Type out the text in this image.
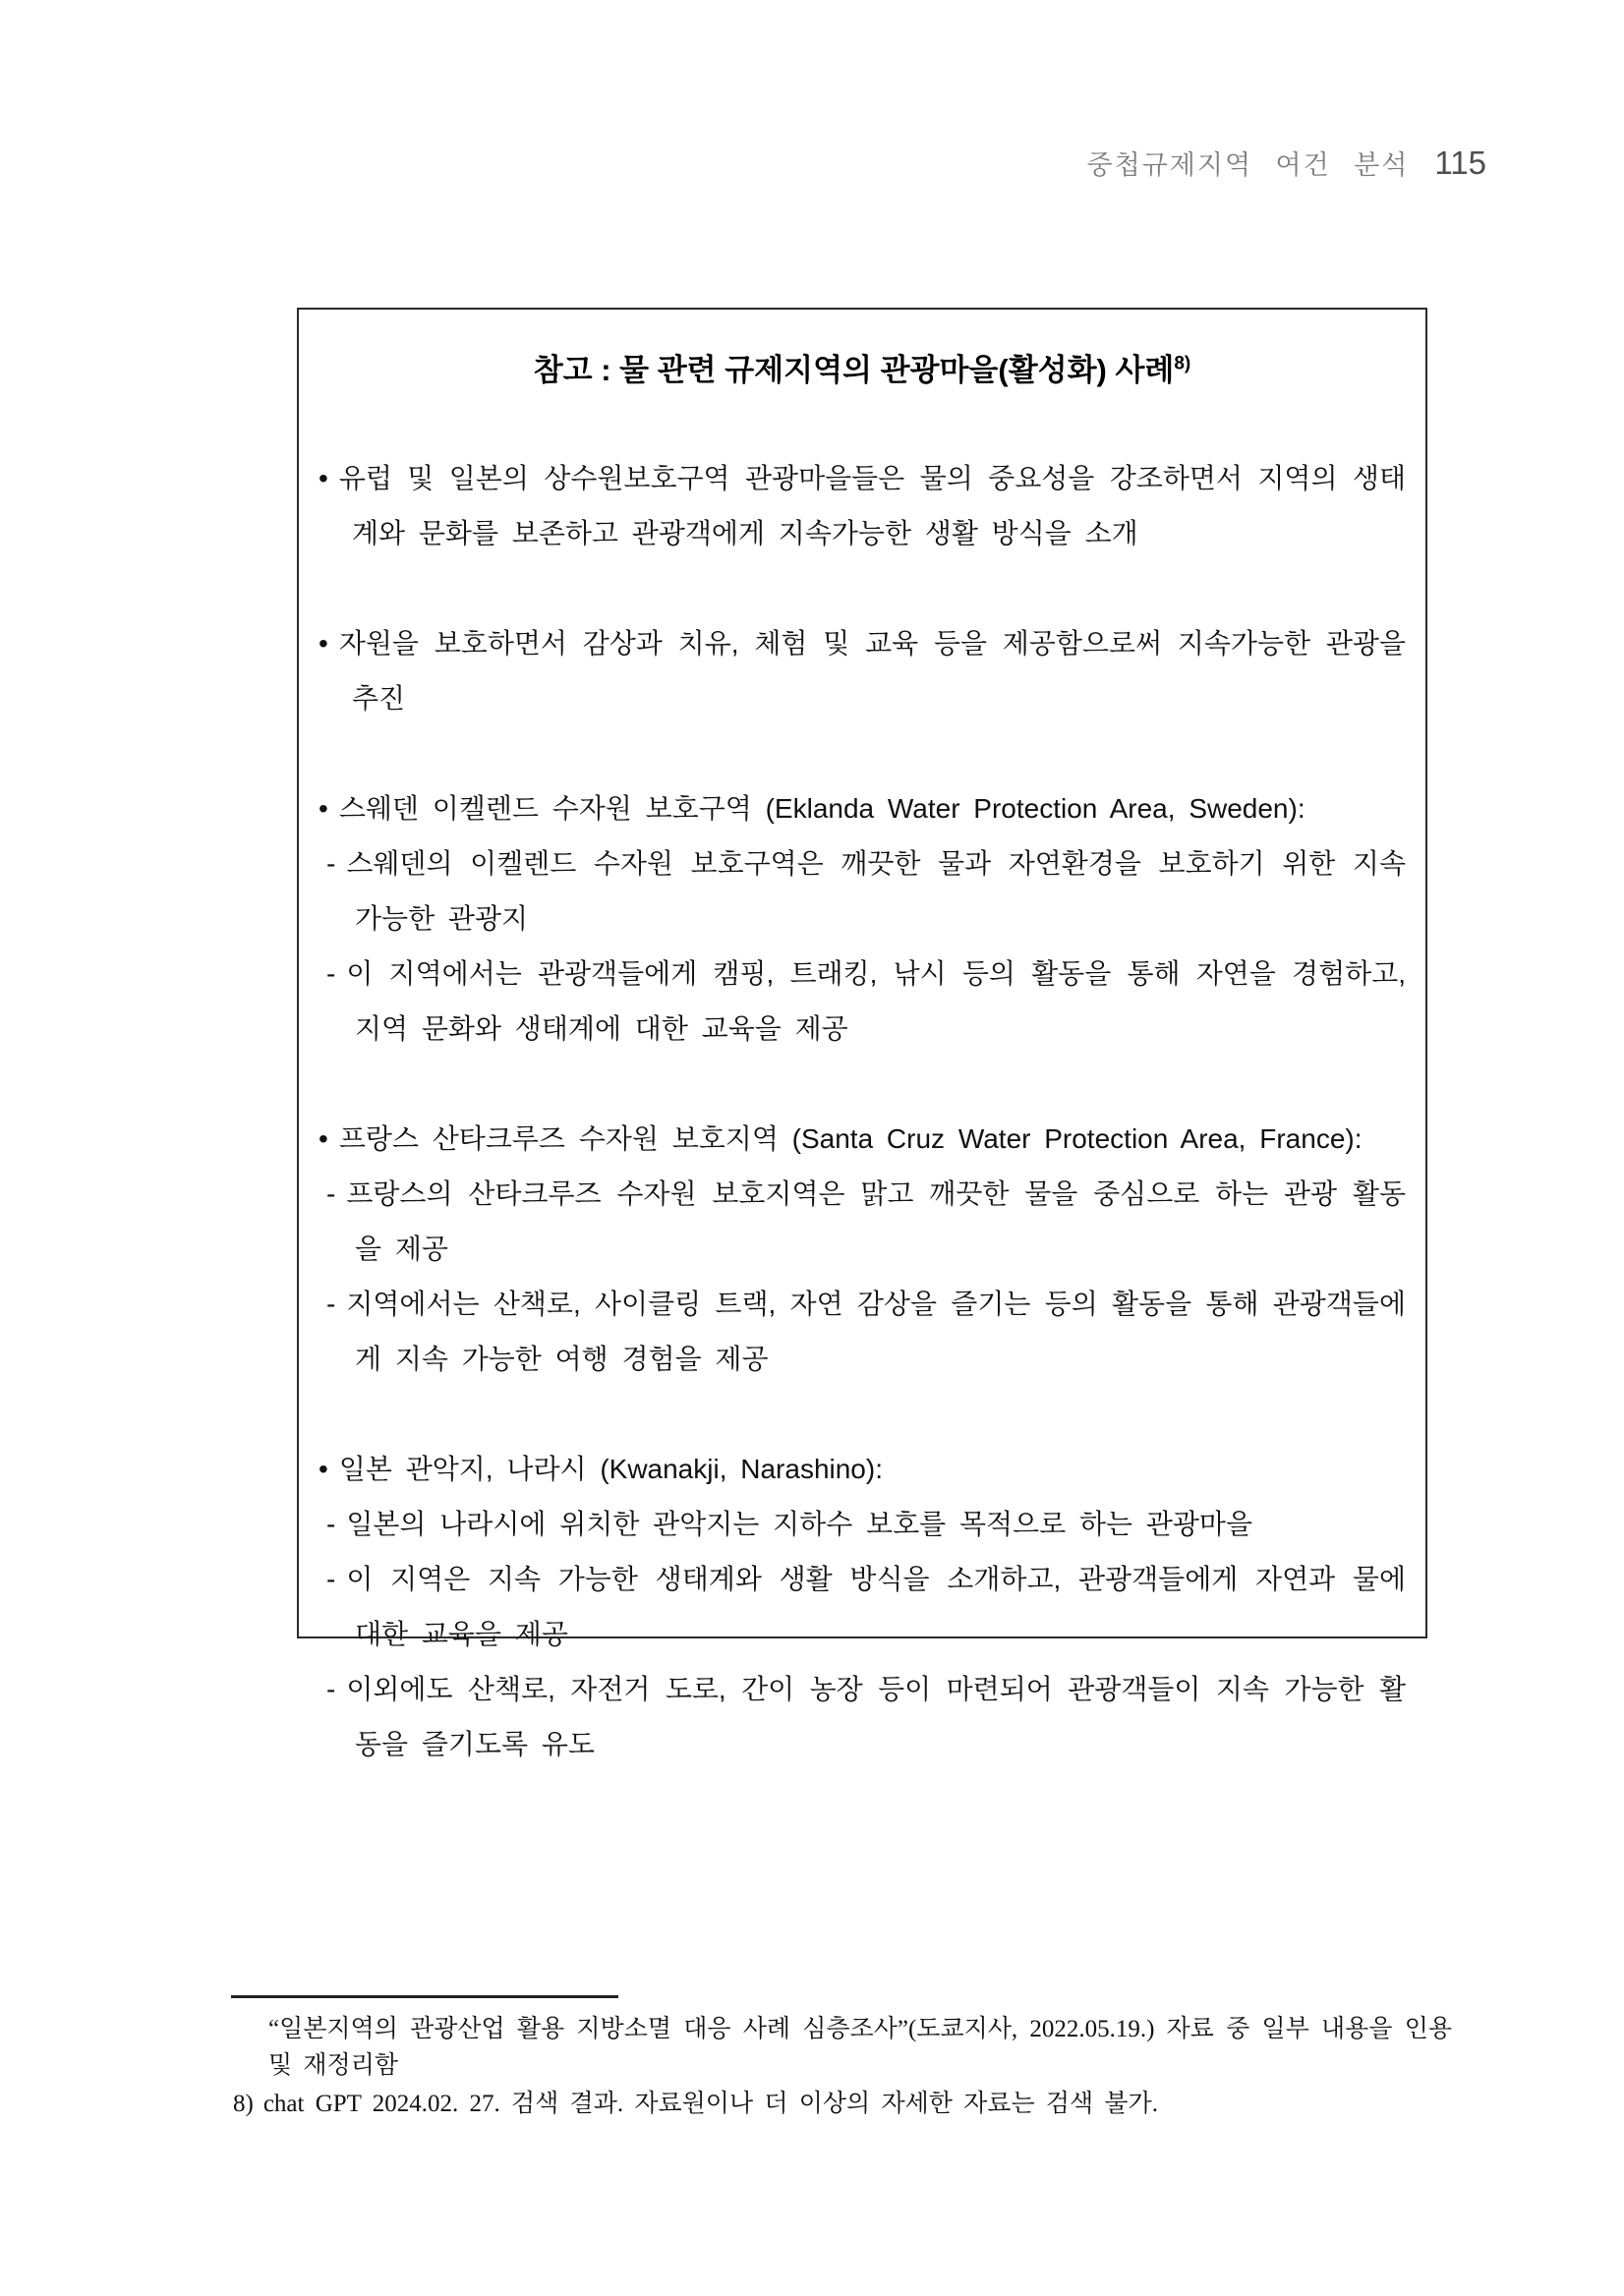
중첩규제지역 여건 분석 115
참고 : 물 관련 규제지역의 관광마을(활성화) 사례$^{8)}$
• 유럽 및 일본의 상수원보호구역 관광마을들은 물의 중요성을 강조하면서 지역의 생태계와 문화를 보존하고 관광객에게 지속가능한 생활 방식을 소개
• 자원을 보호하면서 감상과 치유, 체험 및 교육 등을 제공함으로써 지속가능한 관광을 추진
• 스웨덴 이켈렌드 수자원 보호구역 (Eklanda Water Protection Area, Sweden):
- 스웨덴의 이켈렌드 수자원 보호구역은 깨끗한 물과 자연환경을 보호하기 위한 지속 가능한 관광지
- 이 지역에서는 관광객들에게 캠핑, 트래킹, 낚시 등의 활동을 통해 자연을 경험하고, 지역 문화와 생태계에 대한 교육을 제공
• 프랑스 산타크루즈 수자원 보호지역 (Santa Cruz Water Protection Area, France):
- 프랑스의 산타크루즈 수자원 보호지역은 맑고 깨끗한 물을 중심으로 하는 관광 활동을 제공
- 지역에서는 산책로, 사이클링 트랙, 자연 감상을 즐기는 등의 활동을 통해 관광객들에게 지속 가능한 여행 경험을 제공
• 일본 관악지, 나라시 (Kwanakji, Narashino):
- 일본의 나라시에 위치한 관악지는 지하수 보호를 목적으로 하는 관광마을
- 이 지역은 지속 가능한 생태계와 생활 방식을 소개하고, 관광객들에게 자연과 물에 대한 교육을 제공
- 이외에도 산책로, 자전거 도로, 간이 농장 등이 마련되어 관광객들이 지속 가능한 활동을 즐기도록 유도
“일본지역의 관광산업 활용 지방소멸 대응 사례 심층조사”(도쿄지사, 2022.05.19.) 자료 중 일부 내용을 인용 및 재정리함
8) chat GPT 2024.02. 27. 검색 결과. 자료원이나 더 이상의 자세한 자료는 검색 불가.
